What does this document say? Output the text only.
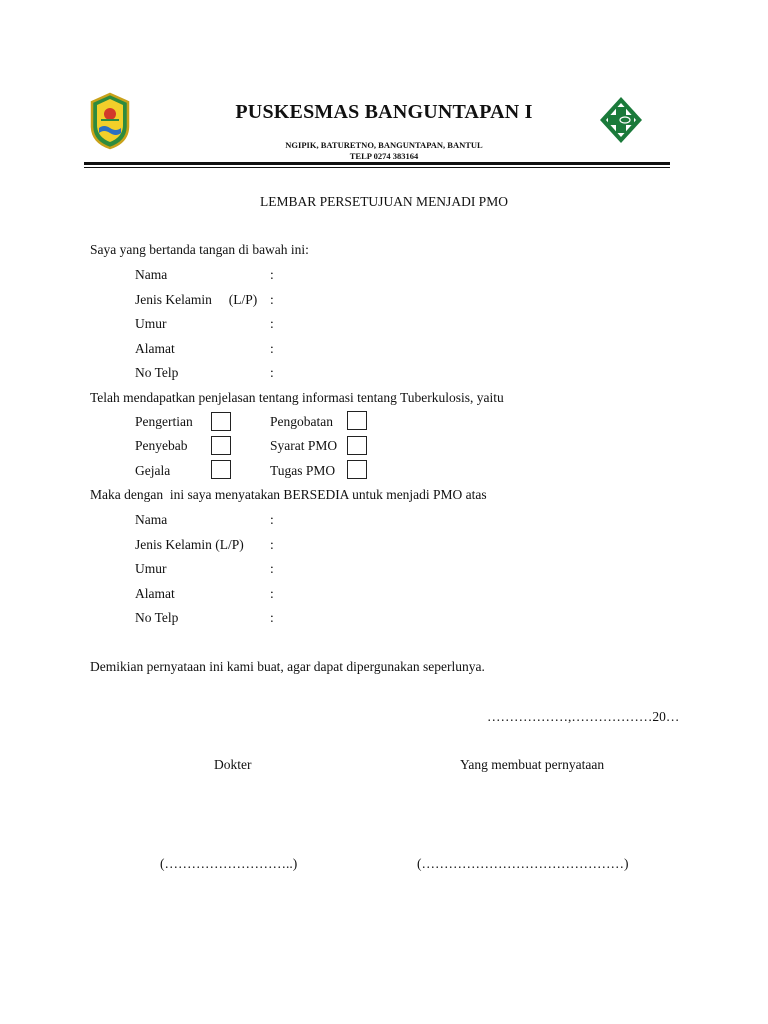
PUSKESMAS BANGUNTAPAN I
NGIPIK, BATURETNO, BANGUNTAPAN, BANTUL
TELP 0274 383164
LEMBAR PERSETUJUAN MENJADI PMO
Saya yang bertanda tangan di bawah ini:
Nama	:
Jenis Kelamin     (L/P) :
Umur	:
Alamat	:
No Telp	:
Telah mendapatkan penjelasan tentang informasi tentang Tuberkulosis, yaitu
Pengertian	Pengobatan
Penyebab	Syarat PMO
Gejala	Tugas PMO
Maka dengan  ini saya menyatakan BERSEDIA untuk menjadi PMO atas
Nama	:
Jenis Kelamin (L/P) :
Umur	:
Alamat	:
No Telp	:
Demikian pernyataan ini kami buat, agar dapat dipergunakan seperlunya.
………………,………………20…
Dokter	Yang membuat pernyataan
(………………………..)	(………………………………………)
